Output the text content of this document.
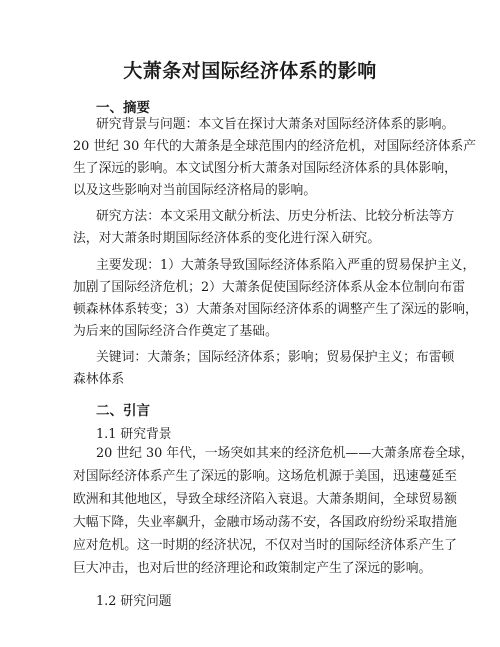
大萧条对国际经济体系的影响
一、摘要
研究背景与问题：本文旨在探讨大萧条对国际经济体系的影响。
20 世纪 30 年代的大萧条是全球范围内的经济危机，对国际经济体系产
生了深远的影响。本文试图分析大萧条对国际经济体系的具体影响，
以及这些影响对当前国际经济格局的影响。
研究方法：本文采用文献分析法、历史分析法、比较分析法等方
法，对大萧条时期国际经济体系的变化进行深入研究。
主要发现：1）大萧条导致国际经济体系陷入严重的贸易保护主义，
加剧了国际经济危机；2）大萧条促使国际经济体系从金本位制向布雷
顿森林体系转变；3）大萧条对国际经济体系的调整产生了深远的影响，
为后来的国际经济合作奠定了基础。
关键词：大萧条；国际经济体系；影响；贸易保护主义；布雷顿
森林体系
二、引言
1.1 研究背景
20 世纪 30 年代，一场突如其来的经济危机——大萧条席卷全球，
对国际经济体系产生了深远的影响。这场危机源于美国，迅速蔓延至
欧洲和其他地区，导致全球经济陷入衰退。大萧条期间，全球贸易额
大幅下降，失业率飙升，金融市场动荡不安，各国政府纷纷采取措施
应对危机。这一时期的经济状况，不仅对当时的国际经济体系产生了
巨大冲击，也对后世的经济理论和政策制定产生了深远的影响。
1.2 研究问题
